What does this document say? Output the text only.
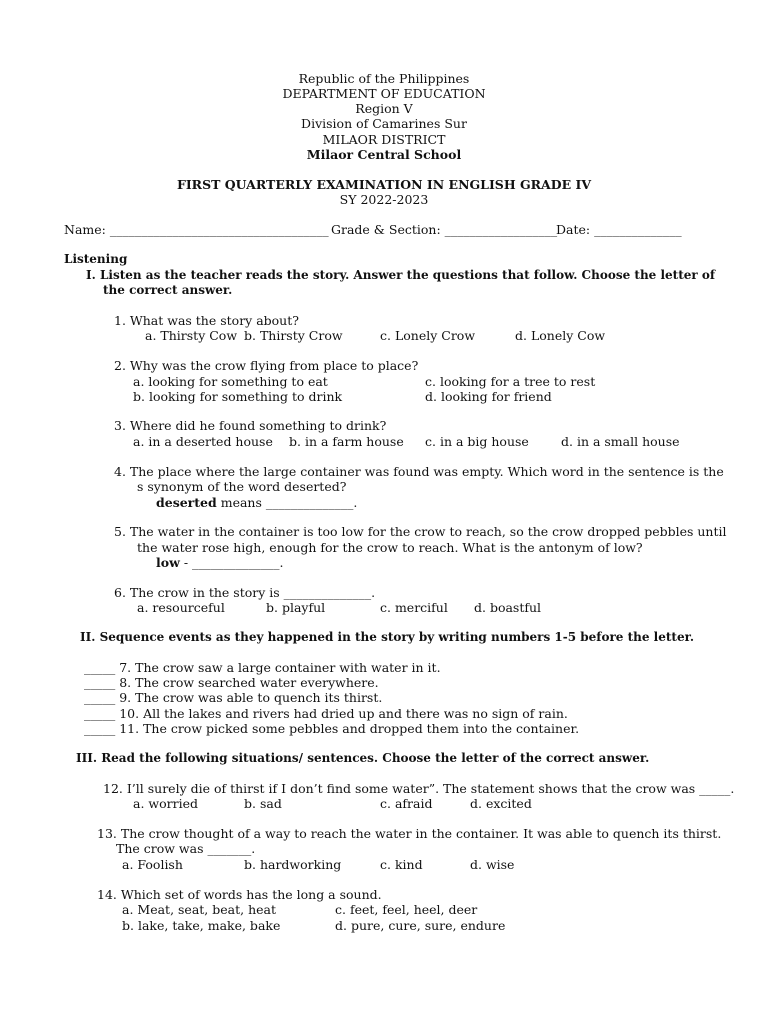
Republic of the Philippines
DEPARTMENT OF EDUCATION
Region V
Division of Camarines Sur
MILAOR DISTRICT
Milaor Central School
FIRST QUARTERLY EXAMINATION IN ENGLISH GRADE IV
SY 2022-2023
Name: ___________________________________ Grade & Section: __________________
Date: ______________
Listening
I. Listen as the teacher reads the story. Answer the questions that follow. Choose the letter of
the correct answer.
1. What was the story about?
a. Thirsty Cow b. Thirsty Crow	c. Lonely Crow	d. Lonely Cow
2. Why was the crow flying from place to place?
a. looking for something to eat
b. looking for something to drink
c. looking for a tree to rest
d. looking for friend
3. Where did he found something to drink?
a. in a deserted house b. in a farm house c. in a big house	d. in a small house
4. The place where the large container was found was empty. Which word in the sentence is the
s synonym of the word deserted?
deserted means ______________.
5. The water in the container is too low for the crow to reach, so the crow dropped pebbles until
the water rose high, enough for the crow to reach. What is the antonym of low?
low - ______________.
6. The crow in the story is ______________.
a. resourceful	b. playful	c. merciful d. boastful
II. Sequence events as they happened in the story by writing numbers 1-5 before the letter.
_____ 7. The crow saw a large container with water in it.
_____ 8. The crow searched water everywhere.
_____ 9. The crow was able to quench its thirst.
_____ 10. All the lakes and rivers had dried up and there was no sign of rain.
_____ 11. The crow picked some pebbles and dropped them into the container.
III. Read the following situations/ sentences. Choose the letter of the correct answer.
12. I’ll surely die of thirst if I don’t find some water”. The statement shows that the crow was _____.
a. worried	b. sad	c. afraid	d. excited
13. The crow thought of a way to reach the water in the container. It was able to quench its thirst.
The crow was _______.
a. Foolish	b. hardworking	c. kind	d. wise
14. Which set of words has the long a sound.
a. Meat, seat, beat, heat
b. lake, take, make, bake
c. feet, feel, heel, deer
d. pure, cure, sure, endure
